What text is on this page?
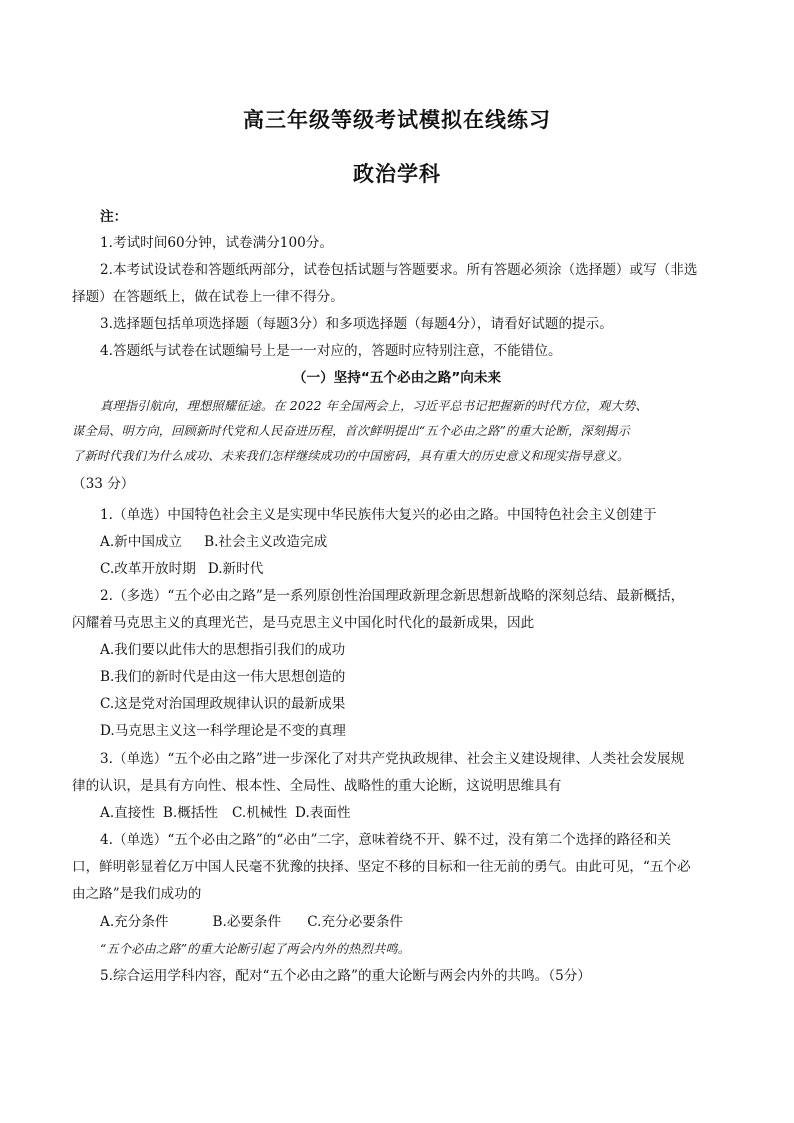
高三年级等级考试模拟在线练习
政治学科
注：
1.考试时间60分钟，试卷满分100分。
2.本考试设试卷和答题纸两部分，试卷包括试题与答题要求。所有答题必须涂（选择题）或写（非选
择题）在答题纸上，做在试卷上一律不得分。
3.选择题包括单项选择题（每题3分）和多项选择题（每题4分），请看好试题的提示。
4.答题纸与试卷在试题编号上是一一对应的，答题时应特别注意，不能错位。
（一）坚持“五个必由之路”向未来
真理指引航向，理想照耀征途。在 2022 年全国两会上，习近平总书记把握新的时代方位，观大势、
谋全局、明方向，回顾新时代党和人民奋进历程，首次鲜明提出“五个必由之路”的重大论断，深刻揭示
了新时代我们为什么成功、未来我们怎样继续成功的中国密码，具有重大的历史意义和现实指导意义。
（33 分）
1.（单选）中国特色社会主义是实现中华民族伟大复兴的必由之路。中国特色社会主义创建于
A.新中国成立 B.社会主义改造完成
C.改革开放时期 D.新时代
2.（多选）“五个必由之路”是一系列原创性治国理政新理念新思想新战略的深刻总结、最新概括，
闪耀着马克思主义的真理光芒，是马克思主义中国化时代化的最新成果，因此
A.我们要以此伟大的思想指引我们的成功
B.我们的新时代是由这一伟大思想创造的
C.这是党对治国理政规律认识的最新成果
D.马克思主义这一科学理论是不变的真理
3.（单选）“五个必由之路”进一步深化了对共产党执政规律、社会主义建设规律、人类社会发展规
律的认识，是具有方向性、根本性、全局性、战略性的重大论断，这说明思维具有
A.直接性 B.概括性 C.机械性 D.表面性
4.（单选）“五个必由之路”的“必由”二字，意味着绕不开、躲不过，没有第二个选择的路径和关
口，鲜明彰显着亿万中国人民毫不犹豫的抉择、坚定不移的目标和一往无前的勇气。由此可见，“五个必
由之路”是我们成功的
A.充分条件	B.必要条件 C.充分必要条件
“五个必由之路”的重大论断引起了两会内外的热烈共鸣。
5.综合运用学科内容，配对“五个必由之路”的重大论断与两会内外的共鸣。（5分）
